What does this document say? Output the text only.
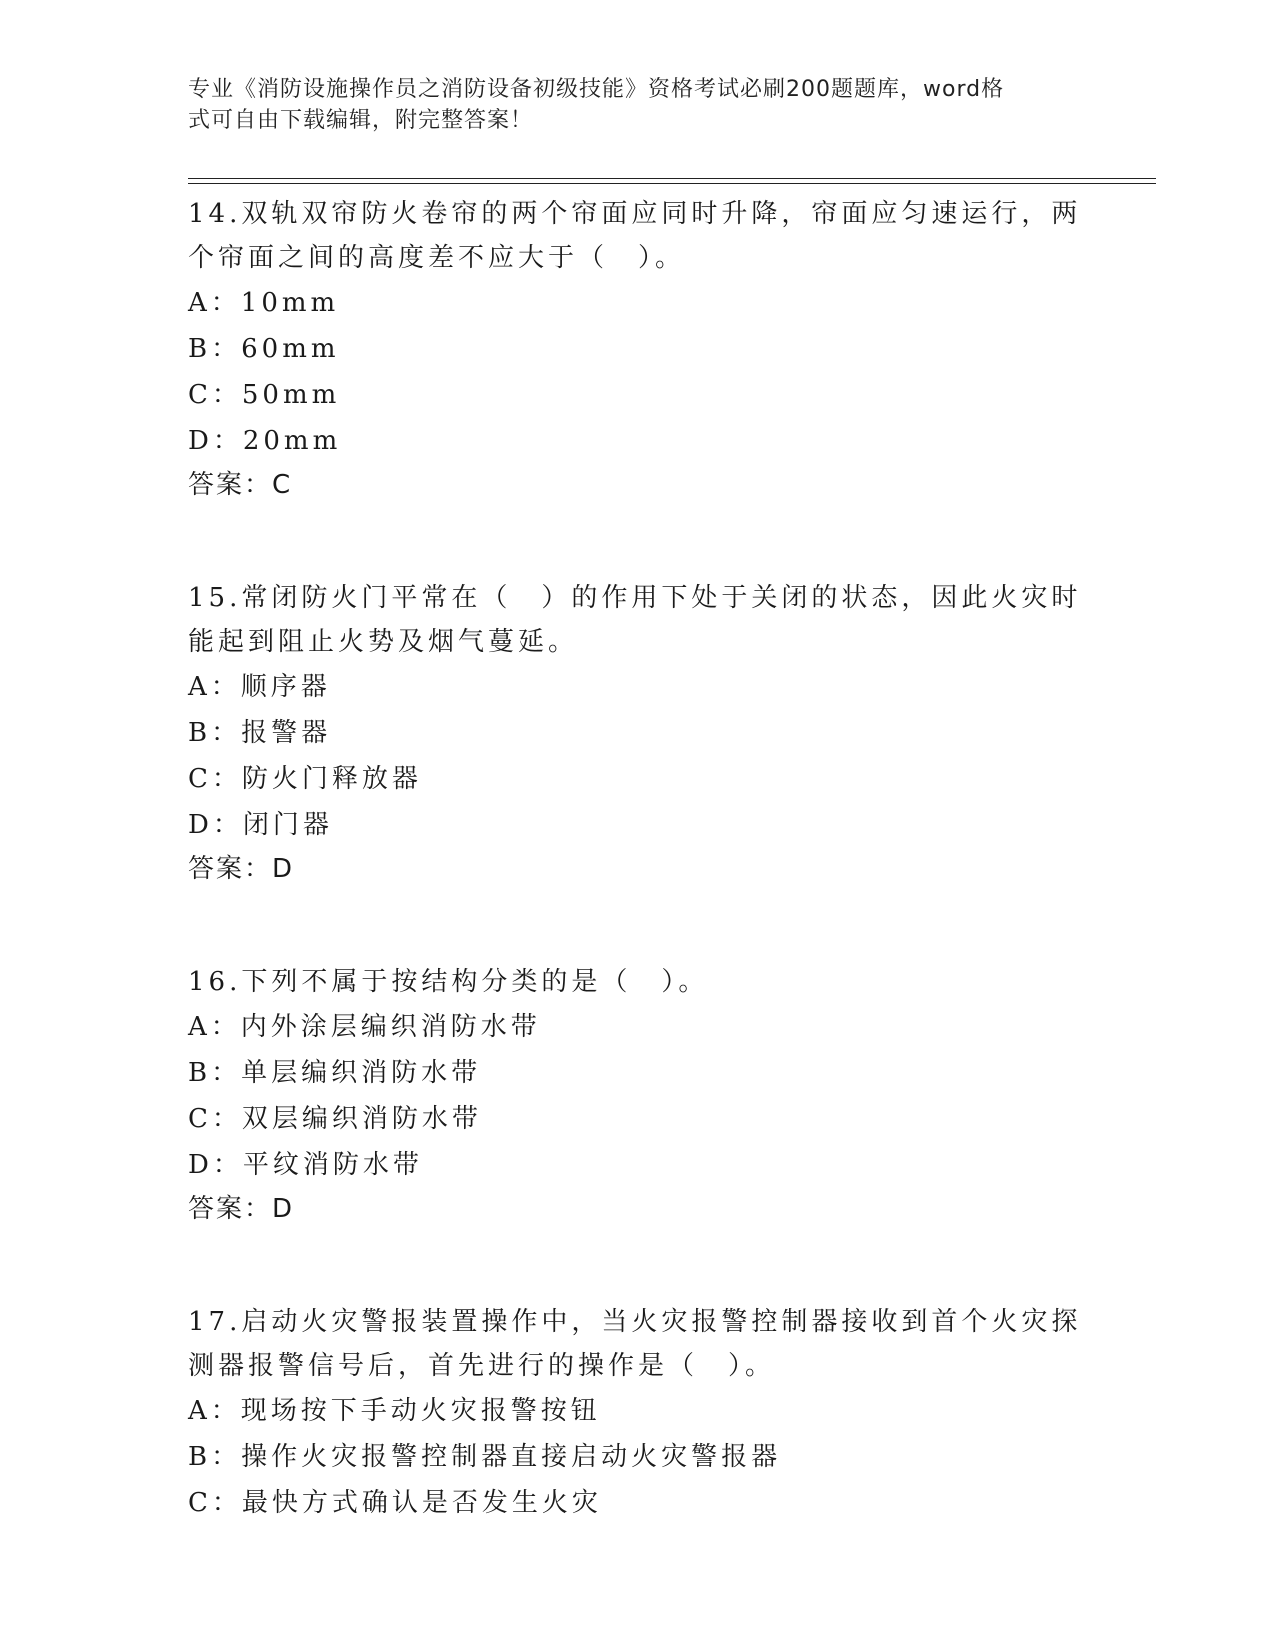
专业《消防设施操作员之消防设备初级技能》资格考试必刷200题题库，word格
式可自由下载编辑，附完整答案！

14.双轨双帘防火卷帘的两个帘面应同时升降，帘面应匀速运行，两个帘面之间的高度差不应大于（　）。

A：10mm

B：60mm

C：50mm

D：20mm

答案：C

15.常闭防火门平常在（　）的作用下处于关闭的状态，因此火灾时能起到阻止火势及烟气蔓延。

A：顺序器

B：报警器

C：防火门释放器

D：闭门器

答案：D

16.下列不属于按结构分类的是（　）。

A：内外涂层编织消防水带

B：单层编织消防水带

C：双层编织消防水带

D：平纹消防水带

答案：D

17.启动火灾警报装置操作中，当火灾报警控制器接收到首个火灾探测器报警信号后，首先进行的操作是（　）。

A：现场按下手动火灾报警按钮

B：操作火灾报警控制器直接启动火灾警报器

C：最快方式确认是否发生火灾
